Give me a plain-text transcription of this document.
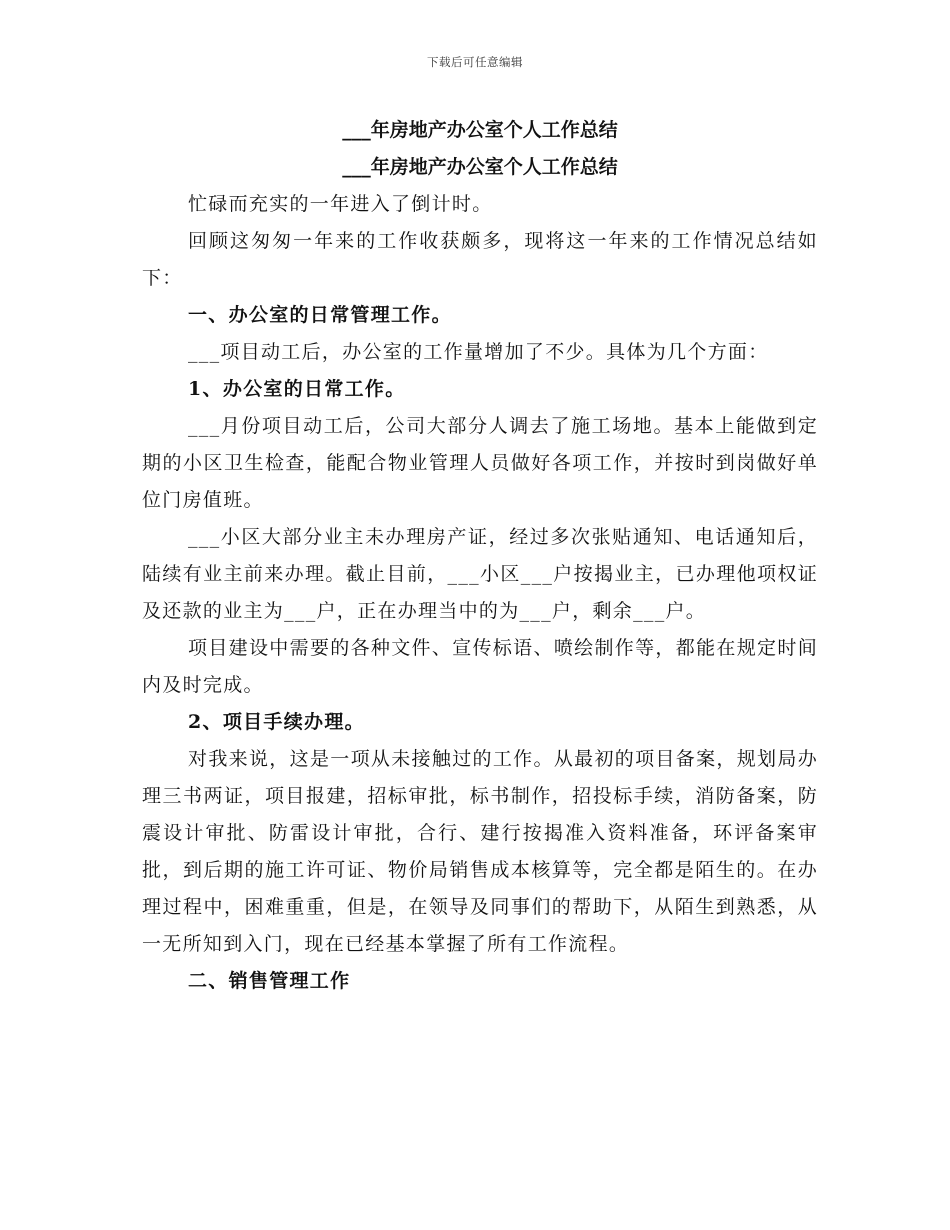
下载后可任意编辑

___年房地产办公室个人工作总结

___年房地产办公室个人工作总结

忙碌而充实的一年进入了倒计时。

回顾这匆匆一年来的工作收获颇多，现将这一年来的工作情况总结如下：

一、办公室的日常管理工作。

___项目动工后，办公室的工作量增加了不少。具体为几个方面：

1、办公室的日常工作。

___月份项目动工后，公司大部分人调去了施工场地。基本上能做到定期的小区卫生检查，能配合物业管理人员做好各项工作，并按时到岗做好单位门房值班。

___小区大部分业主未办理房产证，经过多次张贴通知、电话通知后，陆续有业主前来办理。截止目前，___小区___户按揭业主，已办理他项权证及还款的业主为___户，正在办理当中的为___户，剩余___户。

项目建设中需要的各种文件、宣传标语、喷绘制作等，都能在规定时间内及时完成。

2、项目手续办理。

对我来说，这是一项从未接触过的工作。从最初的项目备案，规划局办理三书两证，项目报建，招标审批，标书制作，招投标手续，消防备案，防震设计审批、防雷设计审批，合行、建行按揭准入资料准备，环评备案审批，到后期的施工许可证、物价局销售成本核算等，完全都是陌生的。在办理过程中，困难重重，但是，在领导及同事们的帮助下，从陌生到熟悉，从一无所知到入门，现在已经基本掌握了所有工作流程。

二、销售管理工作
